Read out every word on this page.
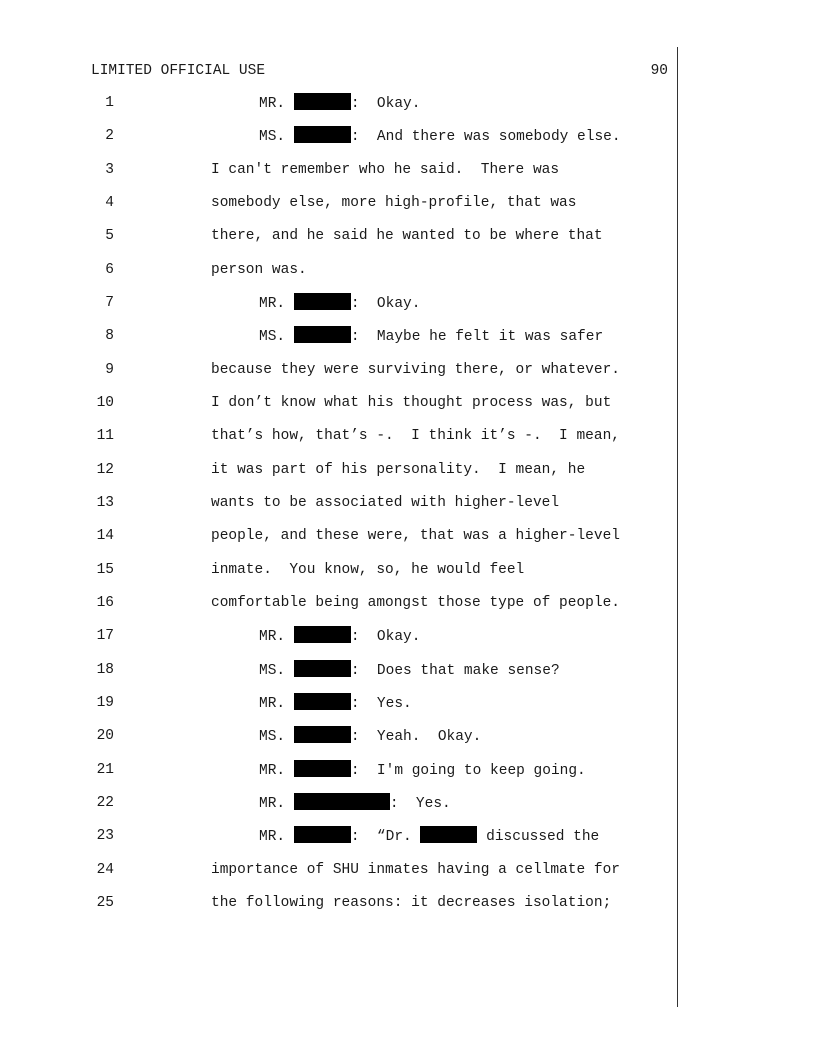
LIMITED OFFICIAL USE	90
1	MR.	:  Okay.
2	MS.	:  And there was somebody else.
3	I can't remember who he said.  There was
4	somebody else, more high-profile, that was
5	there, and he said he wanted to be where that
6	person was.
7	MR.	:  Okay.
8	MS.	:  Maybe he felt it was safer
9	because they were surviving there, or whatever.
10	I don’t know what his thought process was, but
11	that’s how, that’s -.  I think it’s -.  I mean,
12	it was part of his personality.  I mean, he
13	wants to be associated with higher-level
14	people, and these were, that was a higher-level
15	inmate.  You know, so, he would feel
16	comfortable being amongst those type of people.
17	MR.	:  Okay.
18	MS.	:  Does that make sense?
19	MR.	:  Yes.
20	MS.	:  Yeah.  Okay.
21	MR.	:  I'm going to keep going.
22	MR.	:  Yes.
23	MR.	:  “Dr.	discussed the
24	importance of SHU inmates having a cellmate for
25	the following reasons: it decreases isolation;
